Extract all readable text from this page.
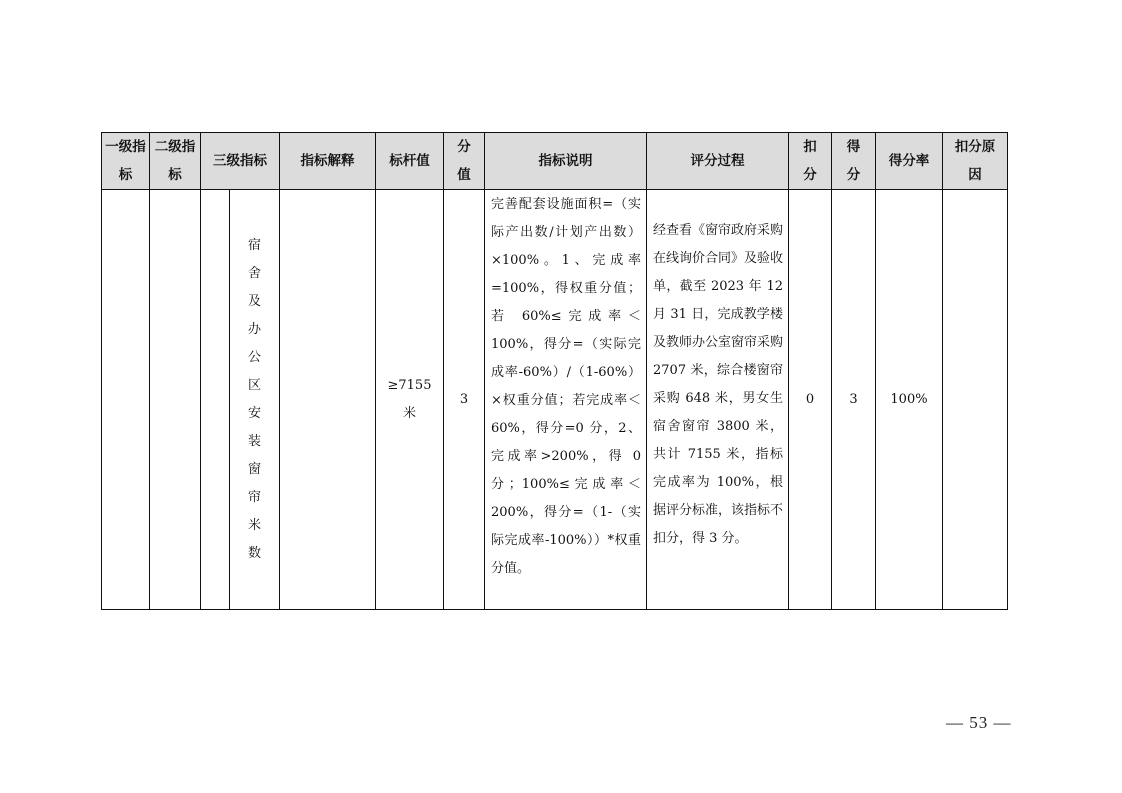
一级指标	二级指标	三级指标		指标解释	标杆值	分值	指标说明	评分过程	扣分	得分	得分率	扣分原因
			宿舍及办公区安装窗帘米数		≥7155米	3	完善配套设施面积=（实际产出数/计划产出数）×100%。1、完成率=100%，得权重分值；若 60%≤完成率＜100%，得分=（实际完成率-60%）/（1-60%）×权重分值；若完成率＜60%，得分=0 分，2、完成率>200%，得 0分；100%≤完成率＜200%，得分=（1-（实际完成率-100%））*权重分值。	经查看《窗帘政府采购在线询价合同》及验收单，截至 2023 年 12 月 31 日，完成教学楼及教师办公室窗帘采购 2707 米，综合楼窗帘采购 648 米，男女生宿舍窗帘 3800 米，共计 7155 米，指标完成率为 100%，根据评分标准，该指标不扣分，得 3 分。	0	3	100%	
— 53 —
